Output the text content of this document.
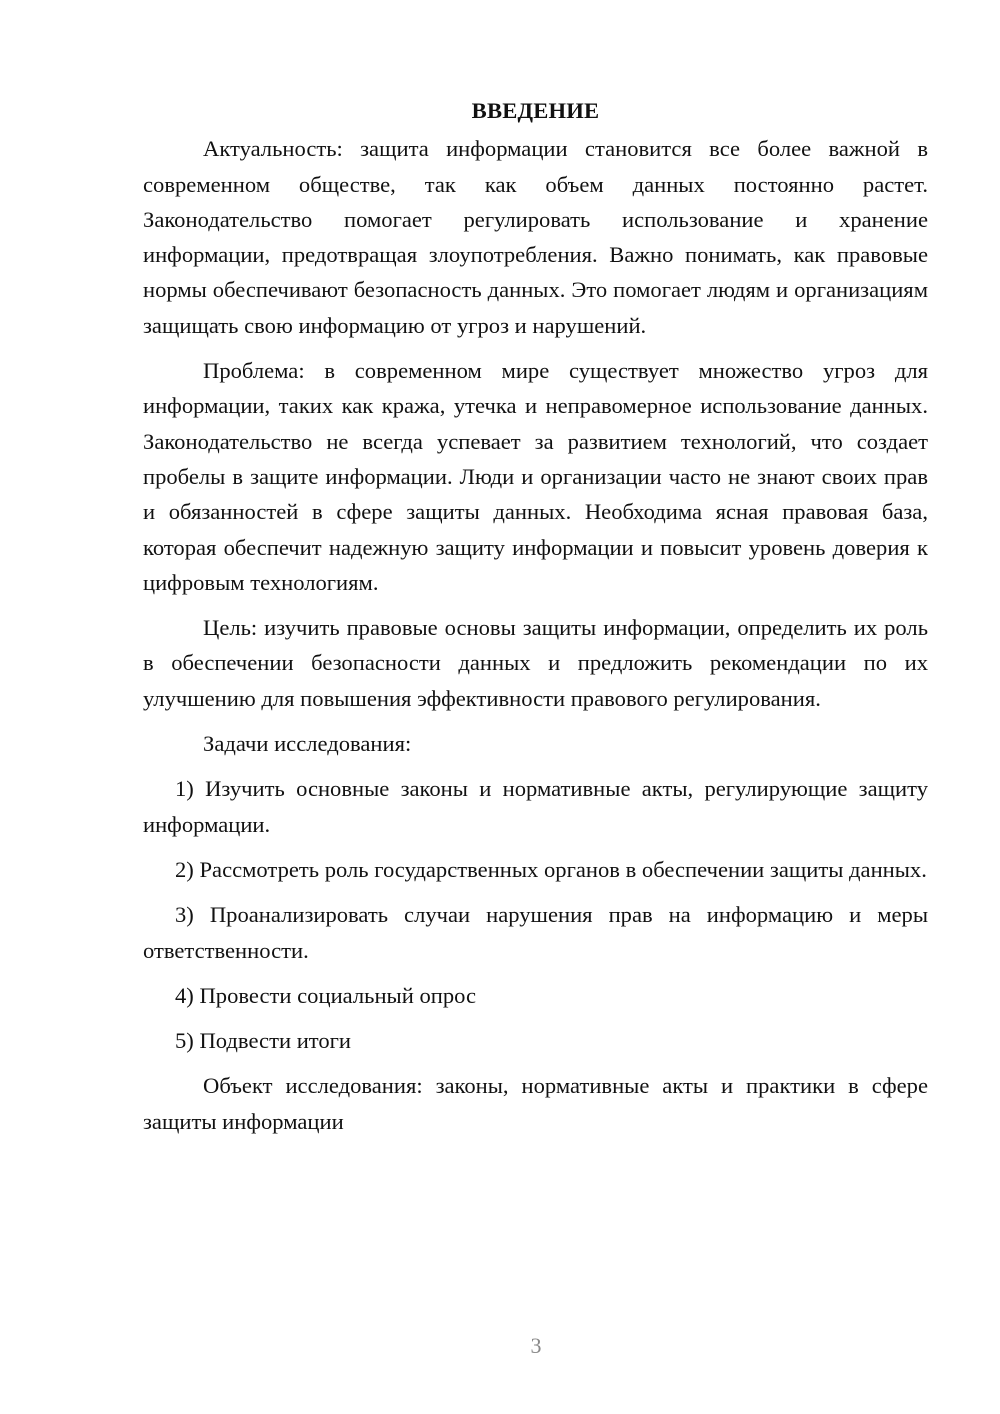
ВВЕДЕНИЕ

Актуальность: защита информации становится все более важной в современном обществе, так как объем данных постоянно растет. Законодательство помогает регулировать использование и хранение информации, предотвращая злоупотребления. Важно понимать, как правовые нормы обеспечивают безопасность данных. Это помогает людям и организациям защищать свою информацию от угроз и нарушений.

Проблема: в современном мире существует множество угроз для информации, таких как кража, утечка и неправомерное использование данных. Законодательство не всегда успевает за развитием технологий, что создает пробелы в защите информации. Люди и организации часто не знают своих прав и обязанностей в сфере защиты данных. Необходима ясная правовая база, которая обеспечит надежную защиту информации и повысит уровень доверия к цифровым технологиям.

Цель: изучить правовые основы защиты информации, определить их роль в обеспечении безопасности данных и предложить рекомендации по их улучшению для повышения эффективности правового регулирования.

Задачи исследования:

1) Изучить основные законы и нормативные акты, регулирующие защиту информации.

2) Рассмотреть роль государственных органов в обеспечении защиты данных.

3) Проанализировать случаи нарушения прав на информацию и меры ответственности.

4) Провести социальный опрос

5) Подвести итоги

Объект исследования: законы, нормативные акты и практики в сфере защиты информации

3
